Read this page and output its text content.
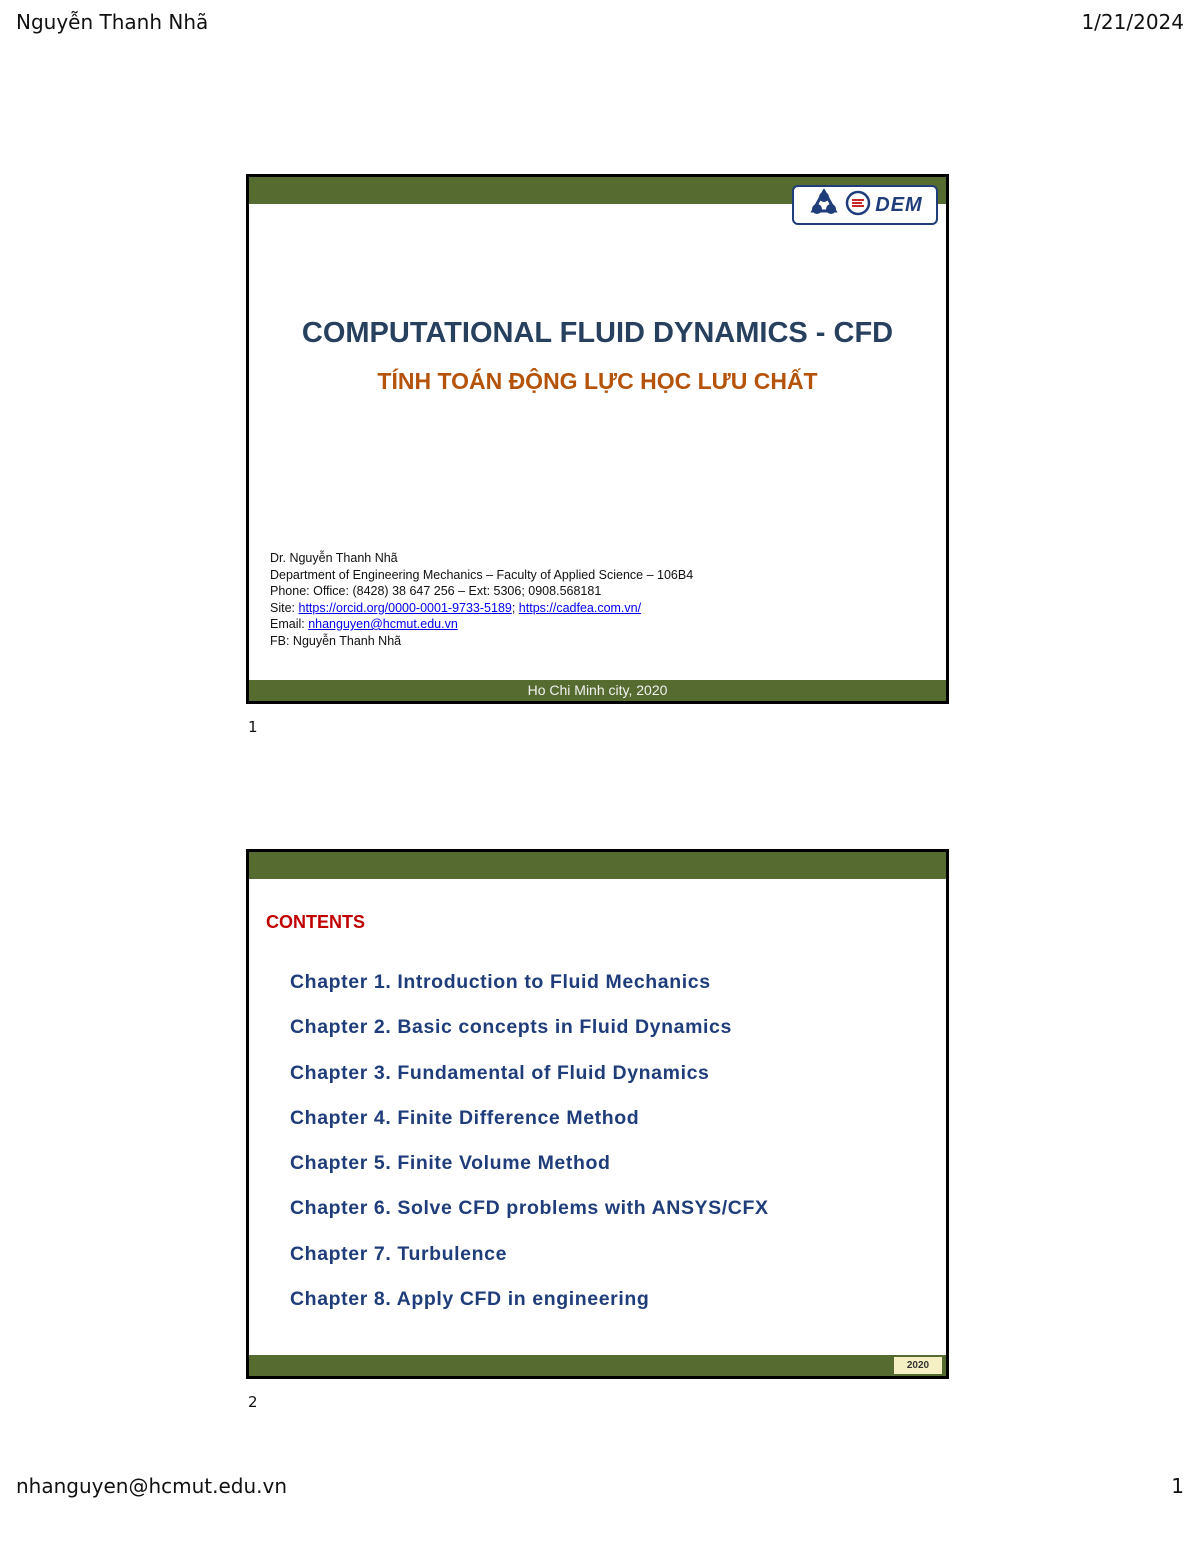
Nguyễn Thanh Nhã	1/21/2024
DEM
COMPUTATIONAL FLUID DYNAMICS - CFD
TÍNH TOÁN ĐỘNG LỰC HỌC LƯU CHẤT
Dr. Nguyễn Thanh Nhã
Department of Engineering Mechanics – Faculty of Applied Science – 106B4
Phone: Office: (8428) 38 647 256 – Ext: 5306; 0908.568181
Site: https://orcid.org/0000-0001-9733-5189; https://cadfea.com.vn/
Email: nhanguyen@hcmut.edu.vn
FB: Nguyễn Thanh Nhã
Ho Chi Minh city, 2020
1
CONTENTS
Chapter 1. Introduction to Fluid Mechanics
Chapter 2. Basic concepts in Fluid Dynamics
Chapter 3. Fundamental of Fluid Dynamics
Chapter 4. Finite Difference Method
Chapter 5. Finite Volume Method
Chapter 6. Solve CFD problems with ANSYS/CFX
Chapter 7. Turbulence
Chapter 8. Apply CFD in engineering
2020
2
nhanguyen@hcmut.edu.vn	1
